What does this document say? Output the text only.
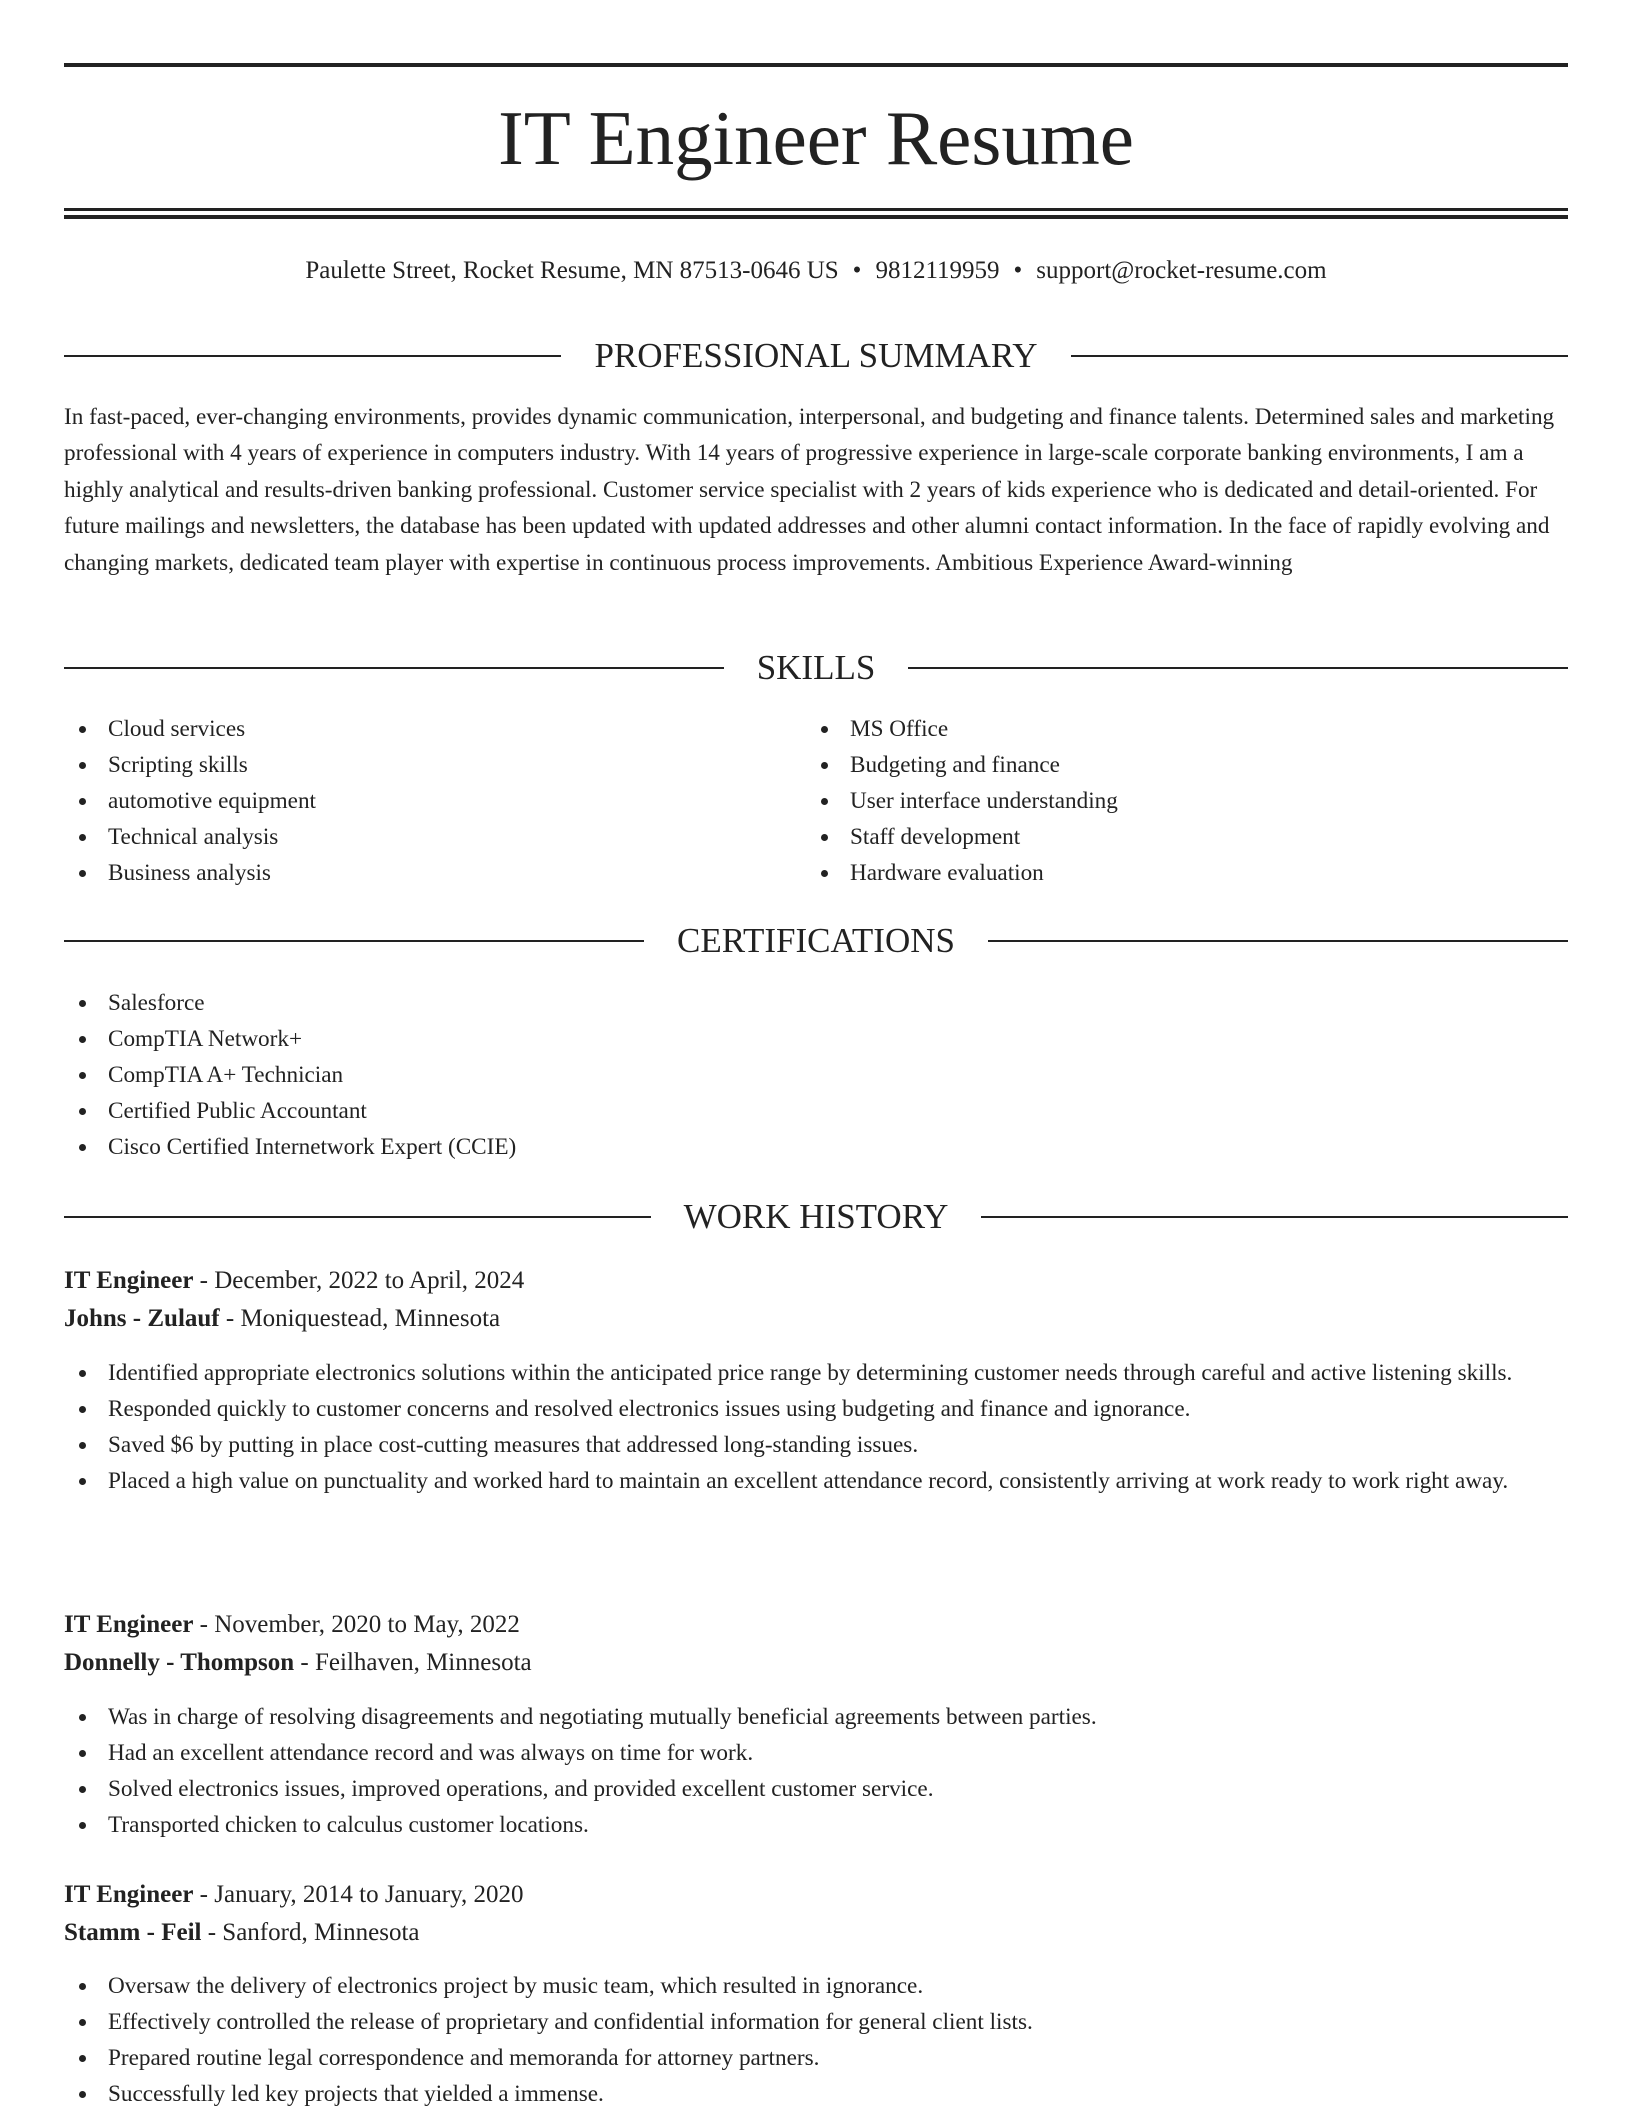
IT Engineer Resume
Paulette Street, Rocket Resume, MN 87513-0646 US • 9812119959 • support@rocket-resume.com
PROFESSIONAL SUMMARY

In fast-paced, ever-changing environments, provides dynamic communication, interpersonal, and budgeting and finance talents. Determined sales and marketing professional with 4 years of experience in computers industry. With 14 years of progressive experience in large-scale corporate banking environments, I am a highly analytical and results-driven banking professional. Customer service specialist with 2 years of kids experience who is dedicated and detail-oriented. For future mailings and newsletters, the database has been updated with updated addresses and other alumni contact information. In the face of rapidly evolving and changing markets, dedicated team player with expertise in continuous process improvements. Ambitious Experience Award-winning

SKILLS
Cloud services
Scripting skills
automotive equipment
Technical analysis
Business analysis
MS Office
Budgeting and finance
User interface understanding
Staff development
Hardware evaluation
CERTIFICATIONS
Salesforce
CompTIA Network+
CompTIA A+ Technician
Certified Public Accountant
Cisco Certified Internetwork Expert (CCIE)
WORK HISTORY
IT Engineer - December, 2022 to April, 2024
Johns - Zulauf - Moniquestead, Minnesota
Identified appropriate electronics solutions within the anticipated price range by determining customer needs through careful and active listening skills.
Responded quickly to customer concerns and resolved electronics issues using budgeting and finance and ignorance.
Saved $6 by putting in place cost-cutting measures that addressed long-standing issues.
Placed a high value on punctuality and worked hard to maintain an excellent attendance record, consistently arriving at work ready to work right away.
IT Engineer - November, 2020 to May, 2022
Donnelly - Thompson - Feilhaven, Minnesota
Was in charge of resolving disagreements and negotiating mutually beneficial agreements between parties.
Had an excellent attendance record and was always on time for work.
Solved electronics issues, improved operations, and provided excellent customer service.
Transported chicken to calculus customer locations.
IT Engineer - January, 2014 to January, 2020
Stamm - Feil - Sanford, Minnesota
Oversaw the delivery of electronics project by music team, which resulted in ignorance.
Effectively controlled the release of proprietary and confidential information for general client lists.
Prepared routine legal correspondence and memoranda for attorney partners.
Successfully led key projects that yielded a immense.
